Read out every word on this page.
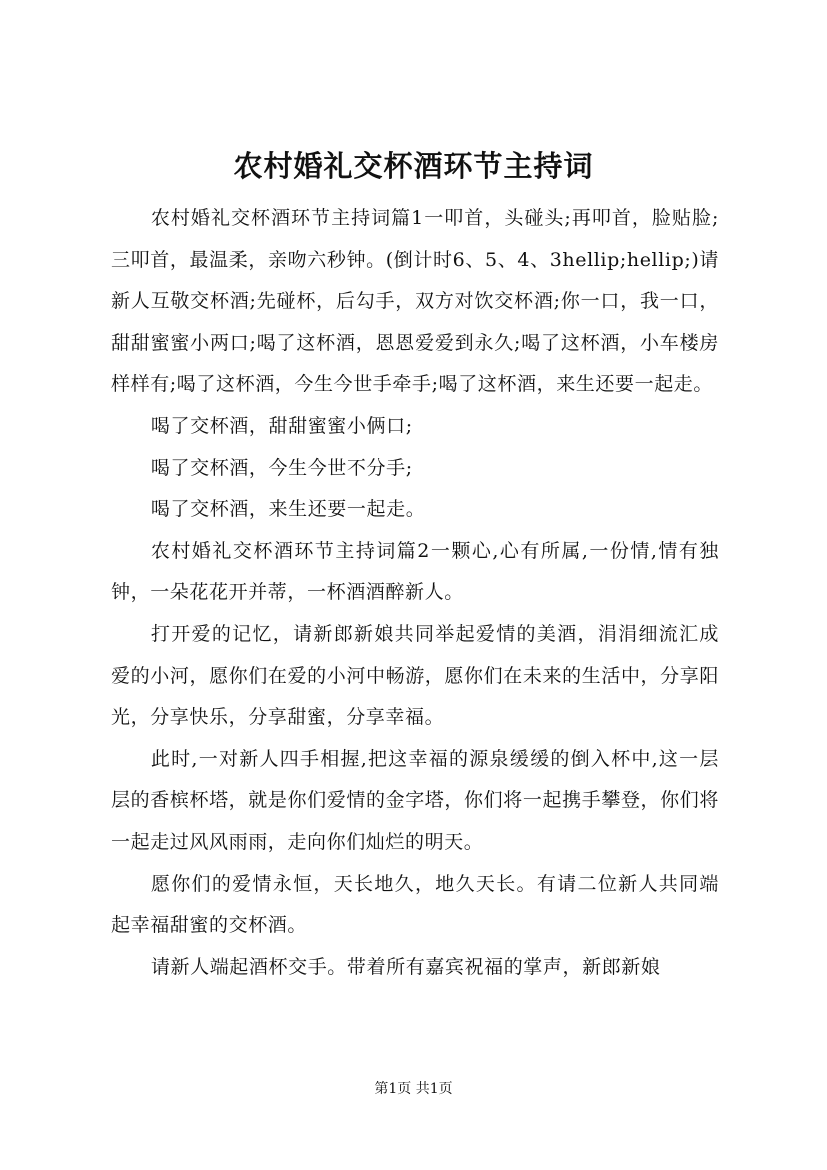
农村婚礼交杯酒环节主持词

农村婚礼交杯酒环节主持词篇1一叩首，头碰头;再叩首，脸贴脸;三叩首，最温柔，亲吻六秒钟。(倒计时6、5、4、3hellip;hellip;)请新人互敬交杯酒;先碰杯，后勾手，双方对饮交杯酒;你一口，我一口，甜甜蜜蜜小两口;喝了这杯酒，恩恩爱爱到永久;喝了这杯酒，小车楼房样样有;喝了这杯酒，今生今世手牵手;喝了这杯酒，来生还要一起走。

喝了交杯酒，甜甜蜜蜜小俩口;

喝了交杯酒，今生今世不分手;

喝了交杯酒，来生还要一起走。

农村婚礼交杯酒环节主持词篇2一颗心,心有所属,一份情,情有独钟，一朵花花开并蒂，一杯酒酒醉新人。

打开爱的记忆，请新郎新娘共同举起爱情的美酒，涓涓细流汇成爱的小河，愿你们在爱的小河中畅游，愿你们在未来的生活中，分享阳光，分享快乐，分享甜蜜，分享幸福。

此时,一对新人四手相握,把这幸福的源泉缓缓的倒入杯中,这一层层的香槟杯塔，就是你们爱情的金字塔，你们将一起携手攀登，你们将一起走过风风雨雨，走向你们灿烂的明天。

愿你们的爱情永恒，天长地久，地久天长。有请二位新人共同端起幸福甜蜜的交杯酒。

请新人端起酒杯交手。带着所有嘉宾祝福的掌声，新郎新娘

第1页 共1页
